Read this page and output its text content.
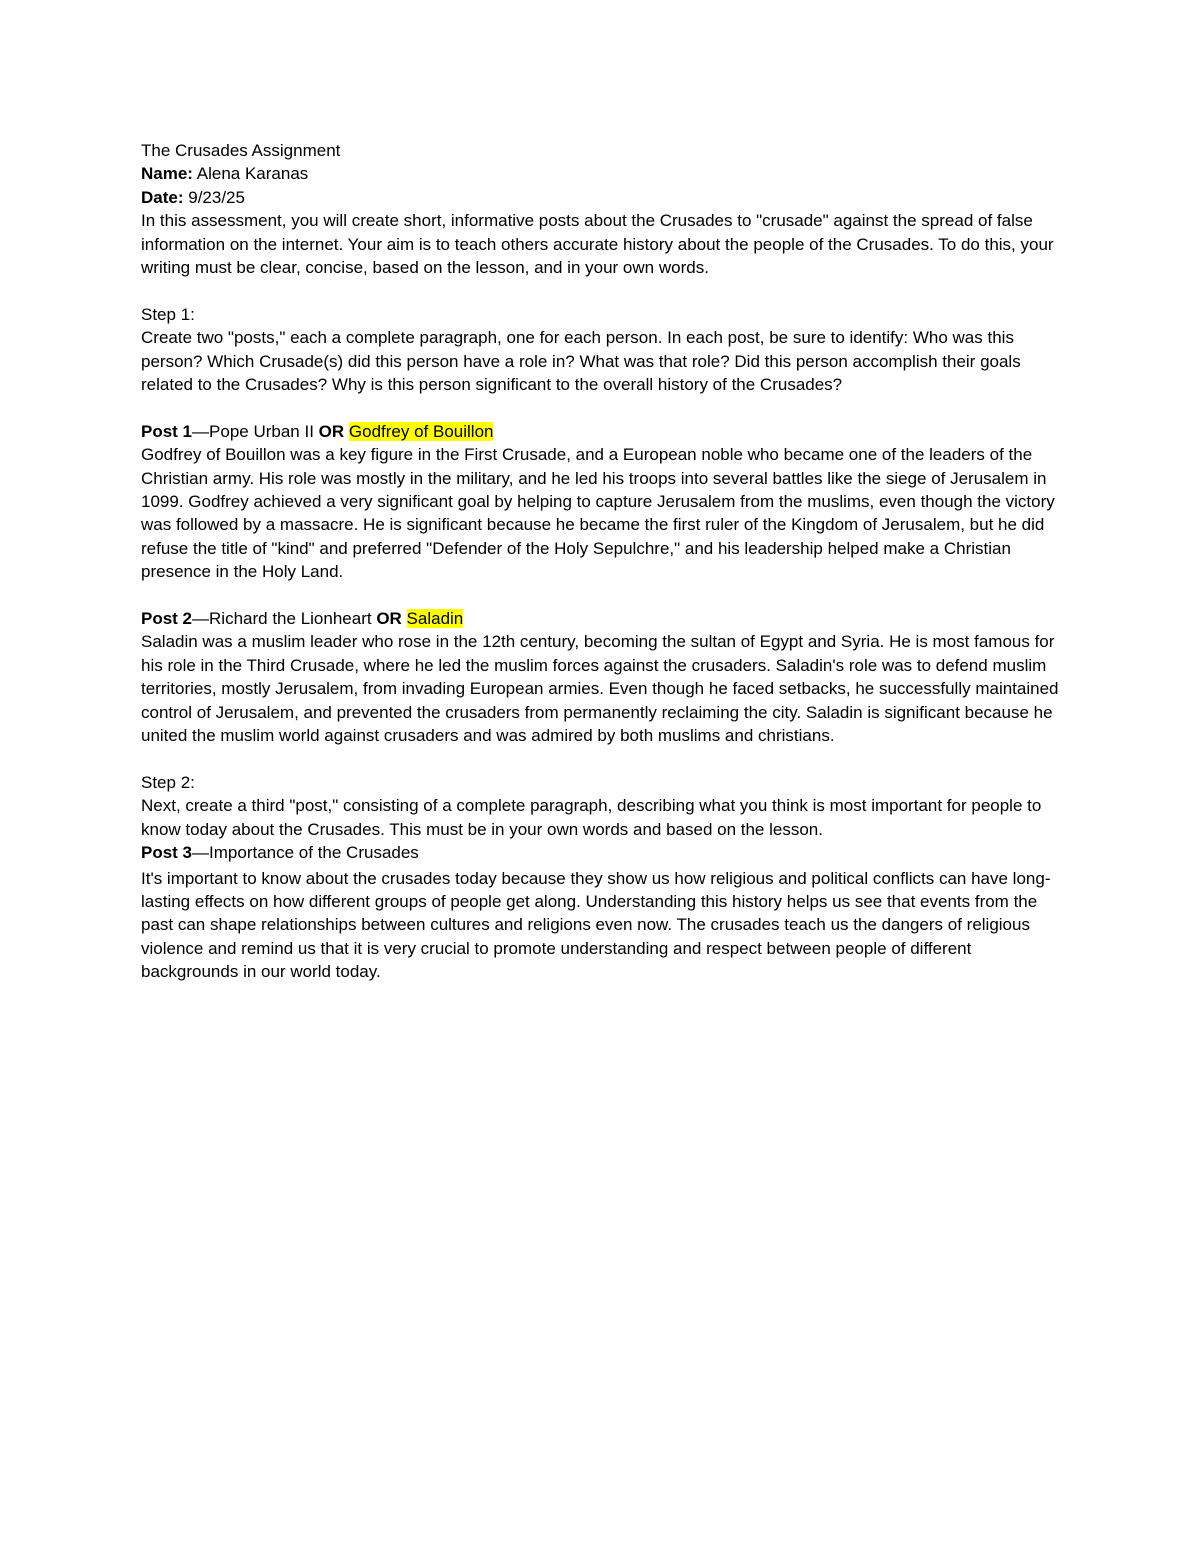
The Crusades Assignment

Name: Alena Karanas

Date: 9/23/25

In this assessment, you will create short, informative posts about the Crusades to "crusade" against the spread of false information on the internet. Your aim is to teach others accurate history about the people of the Crusades. To do this, your writing must be clear, concise, based on the lesson, and in your own words.

Step 1:

Create two "posts," each a complete paragraph, one for each person. In each post, be sure to identify: Who was this person? Which Crusade(s) did this person have a role in? What was that role? Did this person accomplish their goals related to the Crusades? Why is this person significant to the overall history of the Crusades?

Post 1—Pope Urban II OR Godfrey of Bouillon

Godfrey of Bouillon was a key figure in the First Crusade, and a European noble who became one of the leaders of the Christian army. His role was mostly in the military, and he led his troops into several battles like the siege of Jerusalem in 1099. Godfrey achieved a very significant goal by helping to capture Jerusalem from the muslims, even though the victory was followed by a massacre. He is significant because he became the first ruler of the Kingdom of Jerusalem, but he did refuse the title of "kind" and preferred "Defender of the Holy Sepulchre," and his leadership helped make a Christian presence in the Holy Land.

Post 2—Richard the Lionheart OR Saladin

Saladin was a muslim leader who rose in the 12th century, becoming the sultan of Egypt and Syria. He is most famous for his role in the Third Crusade, where he led the muslim forces against the crusaders. Saladin's role was to defend muslim territories, mostly Jerusalem, from invading European armies. Even though he faced setbacks, he successfully maintained control of Jerusalem, and prevented the crusaders from permanently reclaiming the city. Saladin is significant because he united the muslim world against crusaders and was admired by both muslims and christians.

Step 2:

Next, create a third "post," consisting of a complete paragraph, describing what you think is most important for people to know today about the Crusades. This must be in your own words and based on the lesson.

Post 3—Importance of the Crusades

It's important to know about the crusades today because they show us how religious and political conflicts can have long-lasting effects on how different groups of people get along. Understanding this history helps us see that events from the past can shape relationships between cultures and religions even now. The crusades teach us the dangers of religious violence and remind us that it is very crucial to promote understanding and respect between people of different backgrounds in our world today.
